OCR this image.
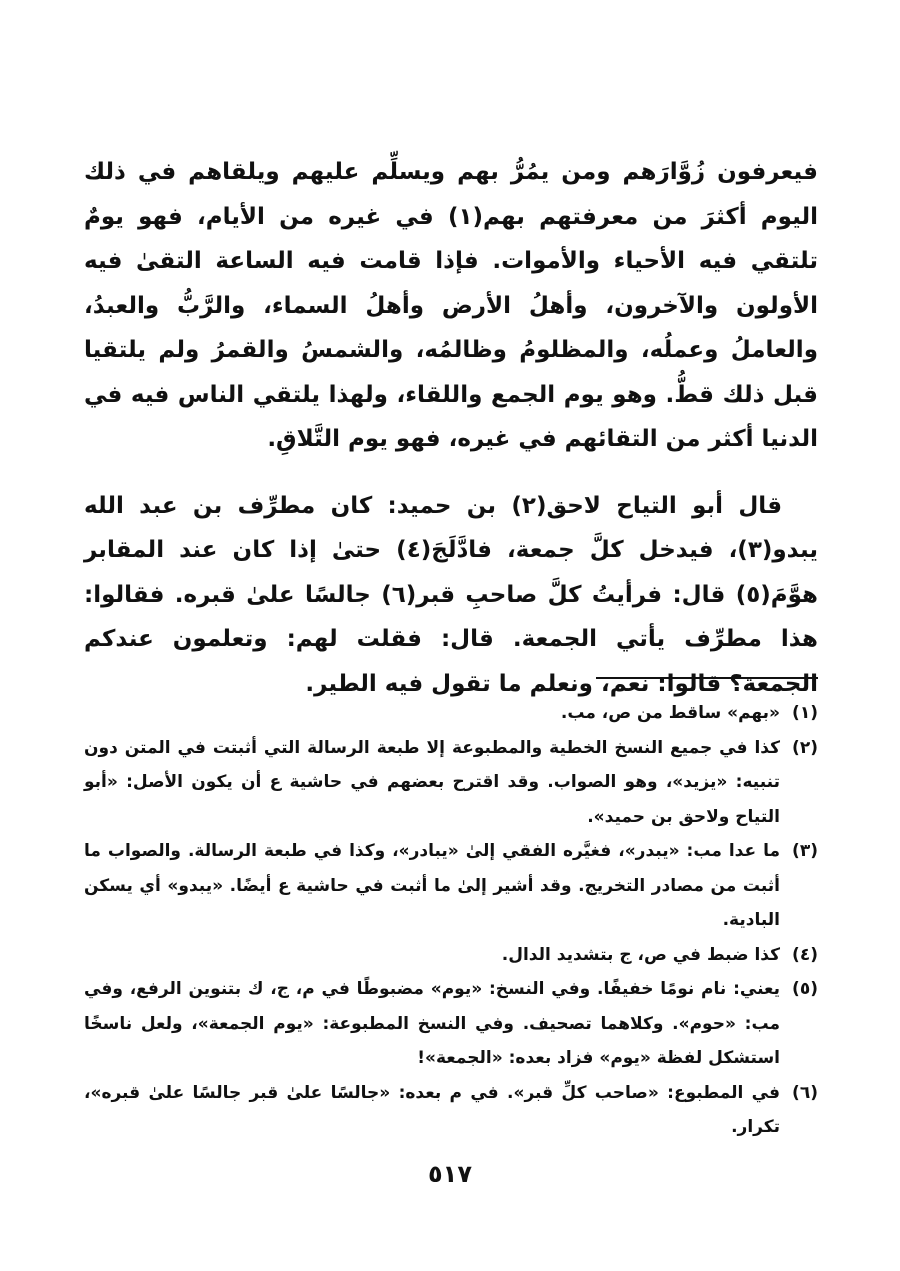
فيعرفون زُوَّارَهم ومن يمُرُّ بهم ويسلِّم عليهم ويلقاهم في ذلك اليوم أكثرَ من معرفتهم بهم(١) في غيره من الأيام، فهو يومٌ تلتقي فيه الأحياء والأموات. فإذا قامت فيه الساعة التقىٰ فيه الأولون والآخرون، وأهلُ الأرض وأهلُ السماء، والرَّبُّ والعبدُ، والعاملُ وعملُه، والمظلومُ وظالمُه، والشمسُ والقمرُ ولم يلتقيا قبل ذلك قطُّ. وهو يوم الجمع واللقاء، ولهذا يلتقي الناس فيه في الدنيا أكثر من التقائهم في غيره، فهو يوم التَّلاقِ.

قال أبو التياح لاحق(٢) بن حميد: كان مطرِّف بن عبد الله يبدو(٣)، فيدخل كلَّ جمعة، فادَّلَجَ(٤) حتىٰ إذا كان عند المقابر هوَّمَ(٥) قال: فرأيتُ كلَّ صاحبِ قبر(٦) جالسًا علىٰ قبره. فقالوا: هذا مطرِّف يأتي الجمعة. قال: فقلت لهم: وتعلمون عندكم الجمعة؟ قالوا: نعم، ونعلم ما تقول فيه الطير.

(١)
«بهم» ساقط من ص، مب.
(٢)
كذا في جميع النسخ الخطية والمطبوعة إلا طبعة الرسالة التي أثبتت في المتن دون تنبيه: «يزيد»، وهو الصواب. وقد اقترح بعضهم في حاشية ع أن يكون الأصل: «أبو التياح ولاحق بن حميد».
(٣)
ما عدا مب: «يبدر»، فغيَّره الفقي إلىٰ «يبادر»، وكذا في طبعة الرسالة. والصواب ما أثبت من مصادر التخريج. وقد أشير إلىٰ ما أثبت في حاشية ع أيضًا. «يبدو» أي يسكن البادية.
(٤)
كذا ضبط في ص، ج بتشديد الدال.
(٥)
يعني: نام نومًا خفيفًا. وفي النسخ: «يوم» مضبوطًا في م، ج، ك بتنوين الرفع، وفي مب: «حوم». وكلاهما تصحيف. وفي النسخ المطبوعة: «يوم الجمعة»، ولعل ناسخًا استشكل لفظة «يوم» فزاد بعده: «الجمعة»!
(٦)
في المطبوع: «صاحب كلِّ قبر». في م بعده: «جالسًا علىٰ قبر جالسًا علىٰ قبره»، تكرار.
٥١٧
